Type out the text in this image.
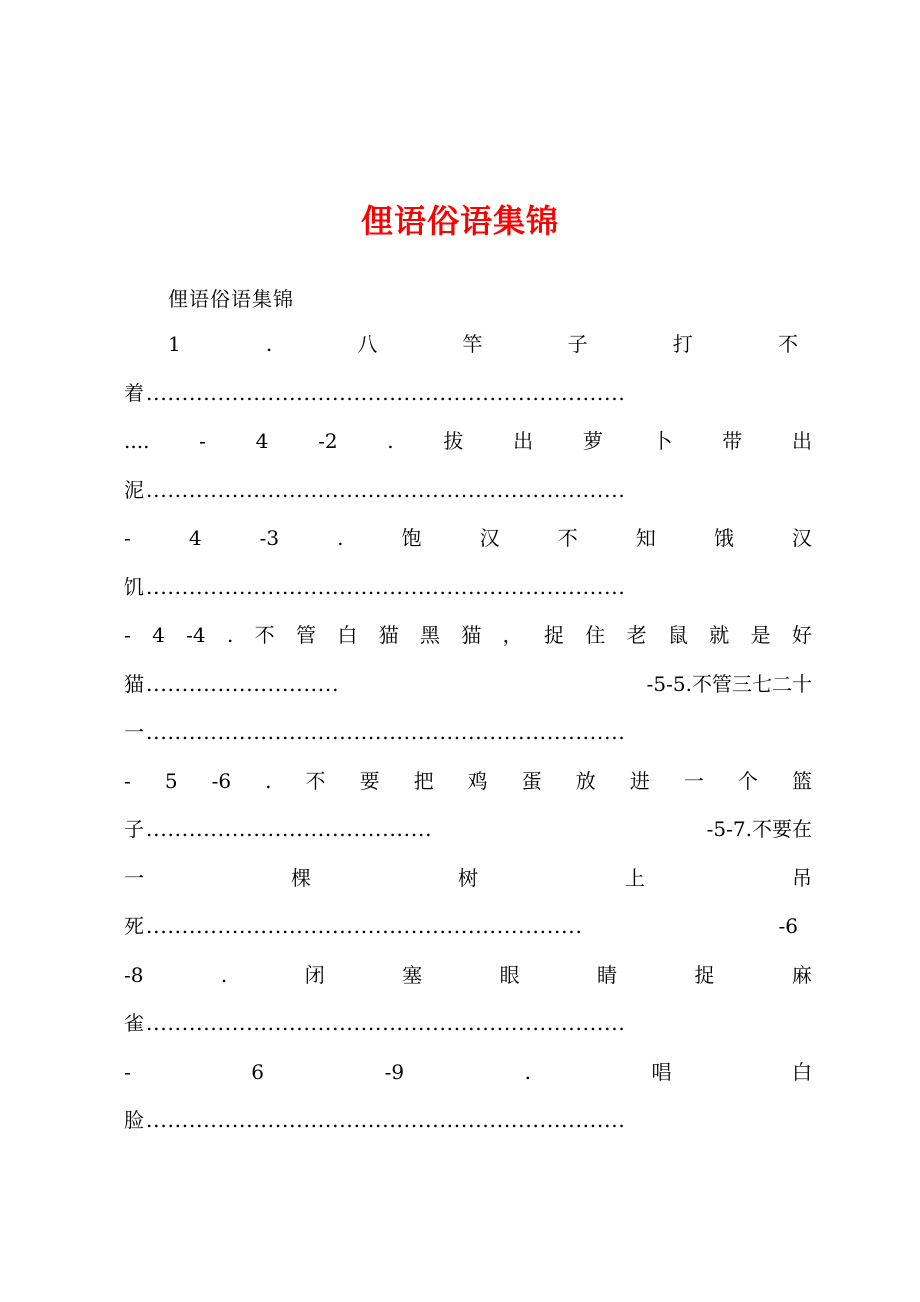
俚语俗语集锦
俚语俗语集锦
1	.	八	竿	子	打	不
着 ...................................................................
.... - 4 -2 . 拔 出 萝 卜 带 出
泥 ...................................................................
-	4	-3	.	饱	汉	不	知	饿	汉
饥 ...................................................................
- 4 -4 . 不 管 白 猫 黑 猫 ， 捉 住 老 鼠 就 是 好
猫 ...........................	- 5 -5 . 不 管 三 七 二 十
一 ...................................................................
- 5 -6 . 不 要 把 鸡 蛋 放 进 一 个 篮
子 ........................................	- 5 -7. 不要在
一	棵	树	上	吊
死 .............................................................	- 6
-8	.	闭	塞	眼	睛	捉	麻
雀 ...................................................................
-	6	-9	.	唱	白
脸 ...................................................................
